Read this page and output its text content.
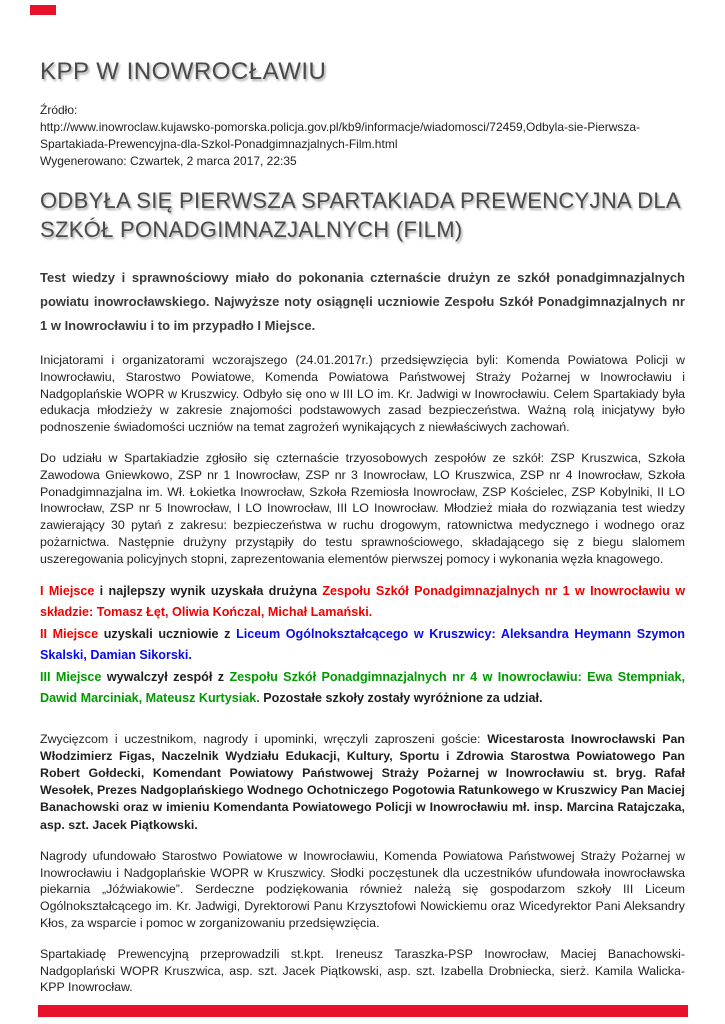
KPP W INOWROCŁAWIU
Źródło:
http://www.inowroclaw.kujawsko-pomorska.policja.gov.pl/kb9/informacje/wiadomosci/72459,Odbyla-sie-Pierwsza-Spartakiada-Prewencyjna-dla-Szkol-Ponadgimnazjalnych-Film.html
Wygenerowano: Czwartek, 2 marca 2017, 22:35
ODBYŁA SIĘ PIERWSZA SPARTAKIADA PREWENCYJNA DLA SZKÓŁ PONADGIMNAZJALNYCH (FILM)

Test wiedzy i sprawnościowy miało do pokonania czternaście drużyn ze szkół ponadgimnazjalnych powiatu inowrocławskiego. Najwyższe noty osiągnęli uczniowie Zespołu Szkół Ponadgimnazjalnych nr 1 w Inowrocławiu i to im przypadło I Miejsce.

Inicjatorami i organizatorami wczorajszego (24.01.2017r.) przedsięwzięcia byli: Komenda Powiatowa Policji w Inowrocławiu, Starostwo Powiatowe, Komenda Powiatowa Państwowej Straży Pożarnej w Inowrocławiu i Nadgoplańskie WOPR w Kruszwicy. Odbyło się ono w III LO im. Kr. Jadwigi w Inowrocławiu. Celem Spartakiady była edukacja młodzieży w zakresie znajomości podstawowych zasad bezpieczeństwa. Ważną rolą inicjatywy było podnoszenie świadomości uczniów na temat zagrożeń wynikających z niewłaściwych zachowań.

Do udziału w Spartakiadzie zgłosiło się czternaście trzyosobowych zespołów ze szkół: ZSP Kruszwica, Szkoła Zawodowa Gniewkowo, ZSP nr 1 Inowrocław, ZSP nr 3 Inowrocław, LO Kruszwica, ZSP nr 4 Inowrocław, Szkoła Ponadgimnazjalna im. Wł. Łokietka Inowrocław, Szkoła Rzemiosła Inowrocław, ZSP Kościelec, ZSP Kobylniki, II LO Inowrocław, ZSP nr 5 Inowrocław, I LO Inowrocław, III LO Inowrocław. Młodzież miała do rozwiązania test wiedzy zawierający 30 pytań z zakresu: bezpieczeństwa w ruchu drogowym, ratownictwa medycznego i wodnego oraz pożarnictwa. Następnie drużyny przystąpiły do testu sprawnościowego, składającego się z biegu slalomem uszeregowania policyjnych stopni, zaprezentowania elementów pierwszej pomocy i wykonania węzła knagowego.

I Miejsce i najlepszy wynik uzyskała drużyna Zespołu Szkół Ponadgimnazjalnych nr 1 w Inowrocławiu w składzie: Tomasz Łęt, Oliwia Kończal, Michał Lamański.
II Miejsce uzyskali uczniowie z Liceum Ogólnokształcącego w Kruszwicy: Aleksandra Heymann Szymon Skalski, Damian Sikorski.
III Miejsce wywalczył zespół z Zespołu Szkół Ponadgimnazjalnych nr 4 w Inowrocławiu: Ewa Stempniak, Dawid Marciniak, Mateusz Kurtysiak. Pozostałe szkoły zostały wyróżnione za udział.

Zwycięzcom i uczestnikom, nagrody i upominki, wręczyli zaproszeni goście: Wicestarosta Inowrocławski Pan Włodzimierz Figas, Naczelnik Wydziału Edukacji, Kultury, Sportu i Zdrowia Starostwa Powiatowego Pan Robert Gołdecki, Komendant Powiatowy Państwowej Straży Pożarnej w Inowrocławiu st. bryg. Rafał Wesołek, Prezes Nadgoplańskiego Wodnego Ochotniczego Pogotowia Ratunkowego w Kruszwicy Pan Maciej Banachowski oraz w imieniu Komendanta Powiatowego Policji w Inowrocławiu mł. insp. Marcina Ratajczaka, asp. szt. Jacek Piątkowski.

Nagrody ufundowało Starostwo Powiatowe w Inowrocławiu, Komenda Powiatowa Państwowej Straży Pożarnej w Inowrocławiu i Nadgoplańskie WOPR w Kruszwicy. Słodki poczęstunek dla uczestników ufundowała inowrocławska piekarnia „Jóźwiakowie”. Serdeczne podziękowania również należą się gospodarzom szkoły III Liceum Ogólnokształcącego im. Kr. Jadwigi, Dyrektorowi Panu Krzysztofowi Nowickiemu oraz Wicedyrektor Pani Aleksandry Kłos, za wsparcie i pomoc w zorganizowaniu przedsięwzięcia.

Spartakiadę Prewencyjną przeprowadzili st.kpt. Ireneusz Taraszka-PSP Inowrocław, Maciej Banachowski-Nadgoplański WOPR Kruszwica, asp. szt. Jacek Piątkowski, asp. szt. Izabella Drobniecka, sierż. Kamila Walicka-KPP Inowrocław.
